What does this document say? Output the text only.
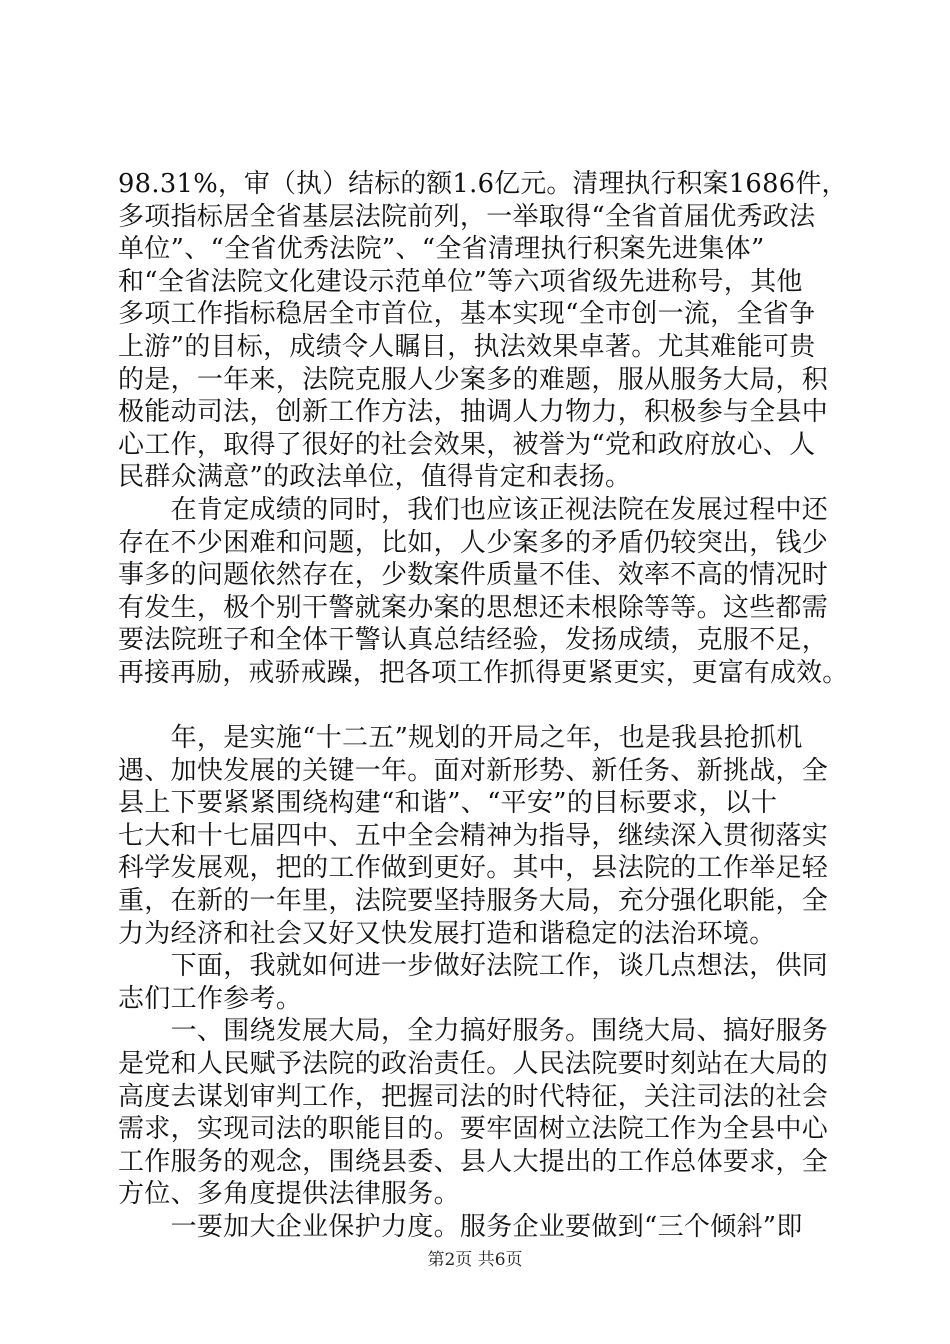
98.31%，审（执）结标的额1.6亿元。清理执行积案1686件，
多项指标居全省基层法院前列，一举取得“全省首届优秀政法
单位”、“全省优秀法院”、“全省清理执行积案先进集体”
和“全省法院文化建设示范单位”等六项省级先进称号，其他
多项工作指标稳居全市首位，基本实现“全市创一流，全省争
上游”的目标，成绩令人瞩目，执法效果卓著。尤其难能可贵
的是，一年来，法院克服人少案多的难题，服从服务大局，积
极能动司法，创新工作方法，抽调人力物力，积极参与全县中
心工作，取得了很好的社会效果，被誉为“党和政府放心、人
民群众满意”的政法单位，值得肯定和表扬。
　　在肯定成绩的同时，我们也应该正视法院在发展过程中还
存在不少困难和问题，比如，人少案多的矛盾仍较突出，钱少
事多的问题依然存在，少数案件质量不佳、效率不高的情况时
有发生，极个别干警就案办案的思想还未根除等等。这些都需
要法院班子和全体干警认真总结经验，发扬成绩，克服不足，
再接再励，戒骄戒躁，把各项工作抓得更紧更实，更富有成效。
　　年，是实施“十二五”规划的开局之年，也是我县抢抓机
遇、加快发展的关键一年。面对新形势、新任务、新挑战，全
县上下要紧紧围绕构建“和谐”、“平安”的目标要求，以十
七大和十七届四中、五中全会精神为指导，继续深入贯彻落实
科学发展观，把的工作做到更好。其中，县法院的工作举足轻
重，在新的一年里，法院要坚持服务大局，充分强化职能，全
力为经济和社会又好又快发展打造和谐稳定的法治环境。
　　下面，我就如何进一步做好法院工作，谈几点想法，供同
志们工作参考。
　　一、围绕发展大局，全力搞好服务。围绕大局、搞好服务
是党和人民赋予法院的政治责任。人民法院要时刻站在大局的
高度去谋划审判工作，把握司法的时代特征，关注司法的社会
需求，实现司法的职能目的。要牢固树立法院工作为全县中心
工作服务的观念，围绕县委、县人大提出的工作总体要求，全
方位、多角度提供法律服务。
　　一要加大企业保护力度。服务企业要做到“三个倾斜”即
第2页 共6页
